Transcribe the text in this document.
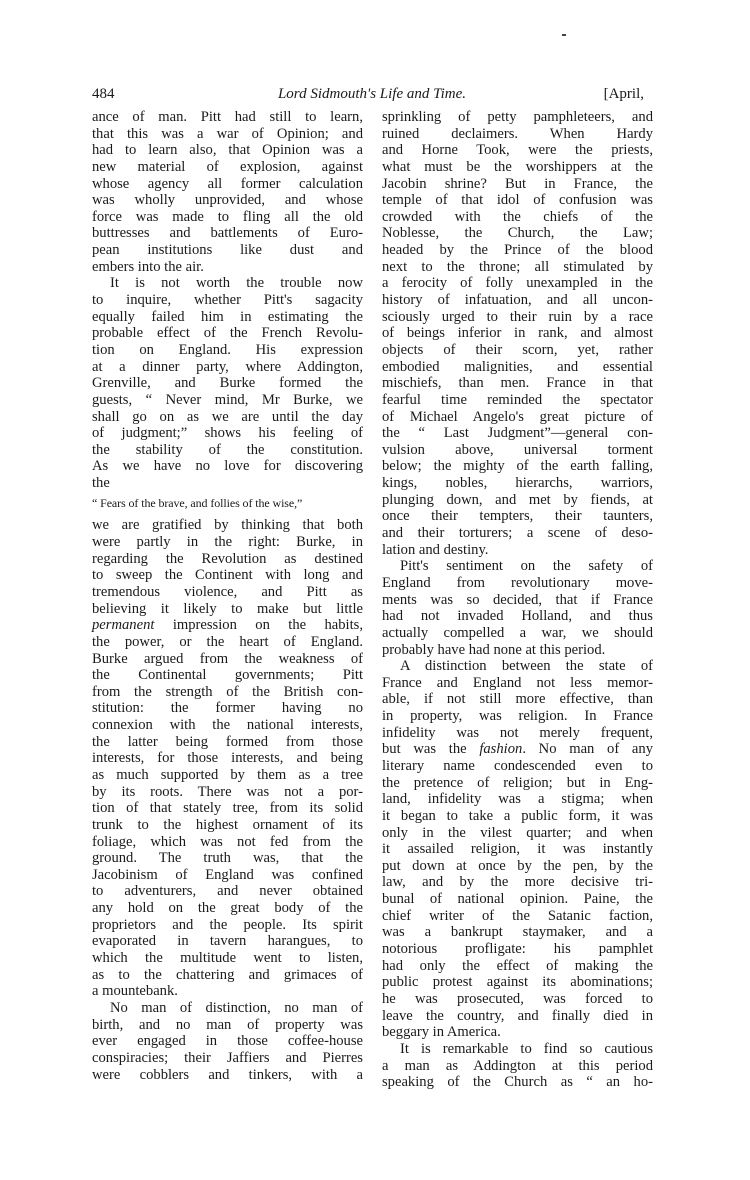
484	Lord Sidmouth's Life and Time.	[April,
ance of man. Pitt had still to learn,
that this was a war of Opinion; and
had to learn also, that Opinion was a
new material of explosion, against
whose agency all former calculation
was wholly unprovided, and whose
force was made to fling all the old
buttresses and battlements of Euro-
pean institutions like dust and
embers into the air.
It is not worth the trouble now
to inquire, whether Pitt's sagacity
equally failed him in estimating the
probable effect of the French Revolu-
tion on England. His expression
at a dinner party, where Addington,
Grenville, and Burke formed the
guests, “ Never mind, Mr Burke, we
shall go on as we are until the day
of judgment;” shows his feeling of
the stability of the constitution.
As we have no love for discovering
the
“ Fears of the brave, and follies of the wise,”
we are gratified by thinking that both
were partly in the right: Burke, in
regarding the Revolution as destined
to sweep the Continent with long and
tremendous violence, and Pitt as
believing it likely to make but little
permanent impression on the habits,
the power, or the heart of England.
Burke argued from the weakness of
the Continental governments; Pitt
from the strength of the British con-
stitution: the former having no
connexion with the national interests,
the latter being formed from those
interests, for those interests, and being
as much supported by them as a tree
by its roots. There was not a por-
tion of that stately tree, from its solid
trunk to the highest ornament of its
foliage, which was not fed from the
ground. The truth was, that the
Jacobinism of England was confined
to adventurers, and never obtained
any hold on the great body of the
proprietors and the people. Its spirit
evaporated in tavern harangues, to
which the multitude went to listen,
as to the chattering and grimaces of
a mountebank.
No man of distinction, no man of
birth, and no man of property was
ever engaged in those coffee-house
conspiracies; their Jaffiers and Pierres
were cobblers and tinkers, with a
sprinkling of petty pamphleteers, and
ruined declaimers. When Hardy
and Horne Took, were the priests,
what must be the worshippers at the
Jacobin shrine? But in France, the
temple of that idol of confusion was
crowded with the chiefs of the
Noblesse, the Church, the Law;
headed by the Prince of the blood
next to the throne; all stimulated by
a ferocity of folly unexampled in the
history of infatuation, and all uncon-
sciously urged to their ruin by a race
of beings inferior in rank, and almost
objects of their scorn, yet, rather
embodied malignities, and essential
mischiefs, than men. France in that
fearful time reminded the spectator
of Michael Angelo's great picture of
the “ Last Judgment”—general con-
vulsion above, universal torment
below; the mighty of the earth falling,
kings, nobles, hierarchs, warriors,
plunging down, and met by fiends, at
once their tempters, their taunters,
and their torturers; a scene of deso-
lation and destiny.
Pitt's sentiment on the safety of
England from revolutionary move-
ments was so decided, that if France
had not invaded Holland, and thus
actually compelled a war, we should
probably have had none at this period.
A distinction between the state of
France and England not less memor-
able, if not still more effective, than
in property, was religion. In France
infidelity was not merely frequent,
but was the fashion. No man of any
literary name condescended even to
the pretence of religion; but in Eng-
land, infidelity was a stigma; when
it began to take a public form, it was
only in the vilest quarter; and when
it assailed religion, it was instantly
put down at once by the pen, by the
law, and by the more decisive tri-
bunal of national opinion. Paine, the
chief writer of the Satanic faction,
was a bankrupt staymaker, and a
notorious profligate: his pamphlet
had only the effect of making the
public protest against its abominations;
he was prosecuted, was forced to
leave the country, and finally died in
beggary in America.
It is remarkable to find so cautious
a man as Addington at this period
speaking of the Church as “ an ho-
